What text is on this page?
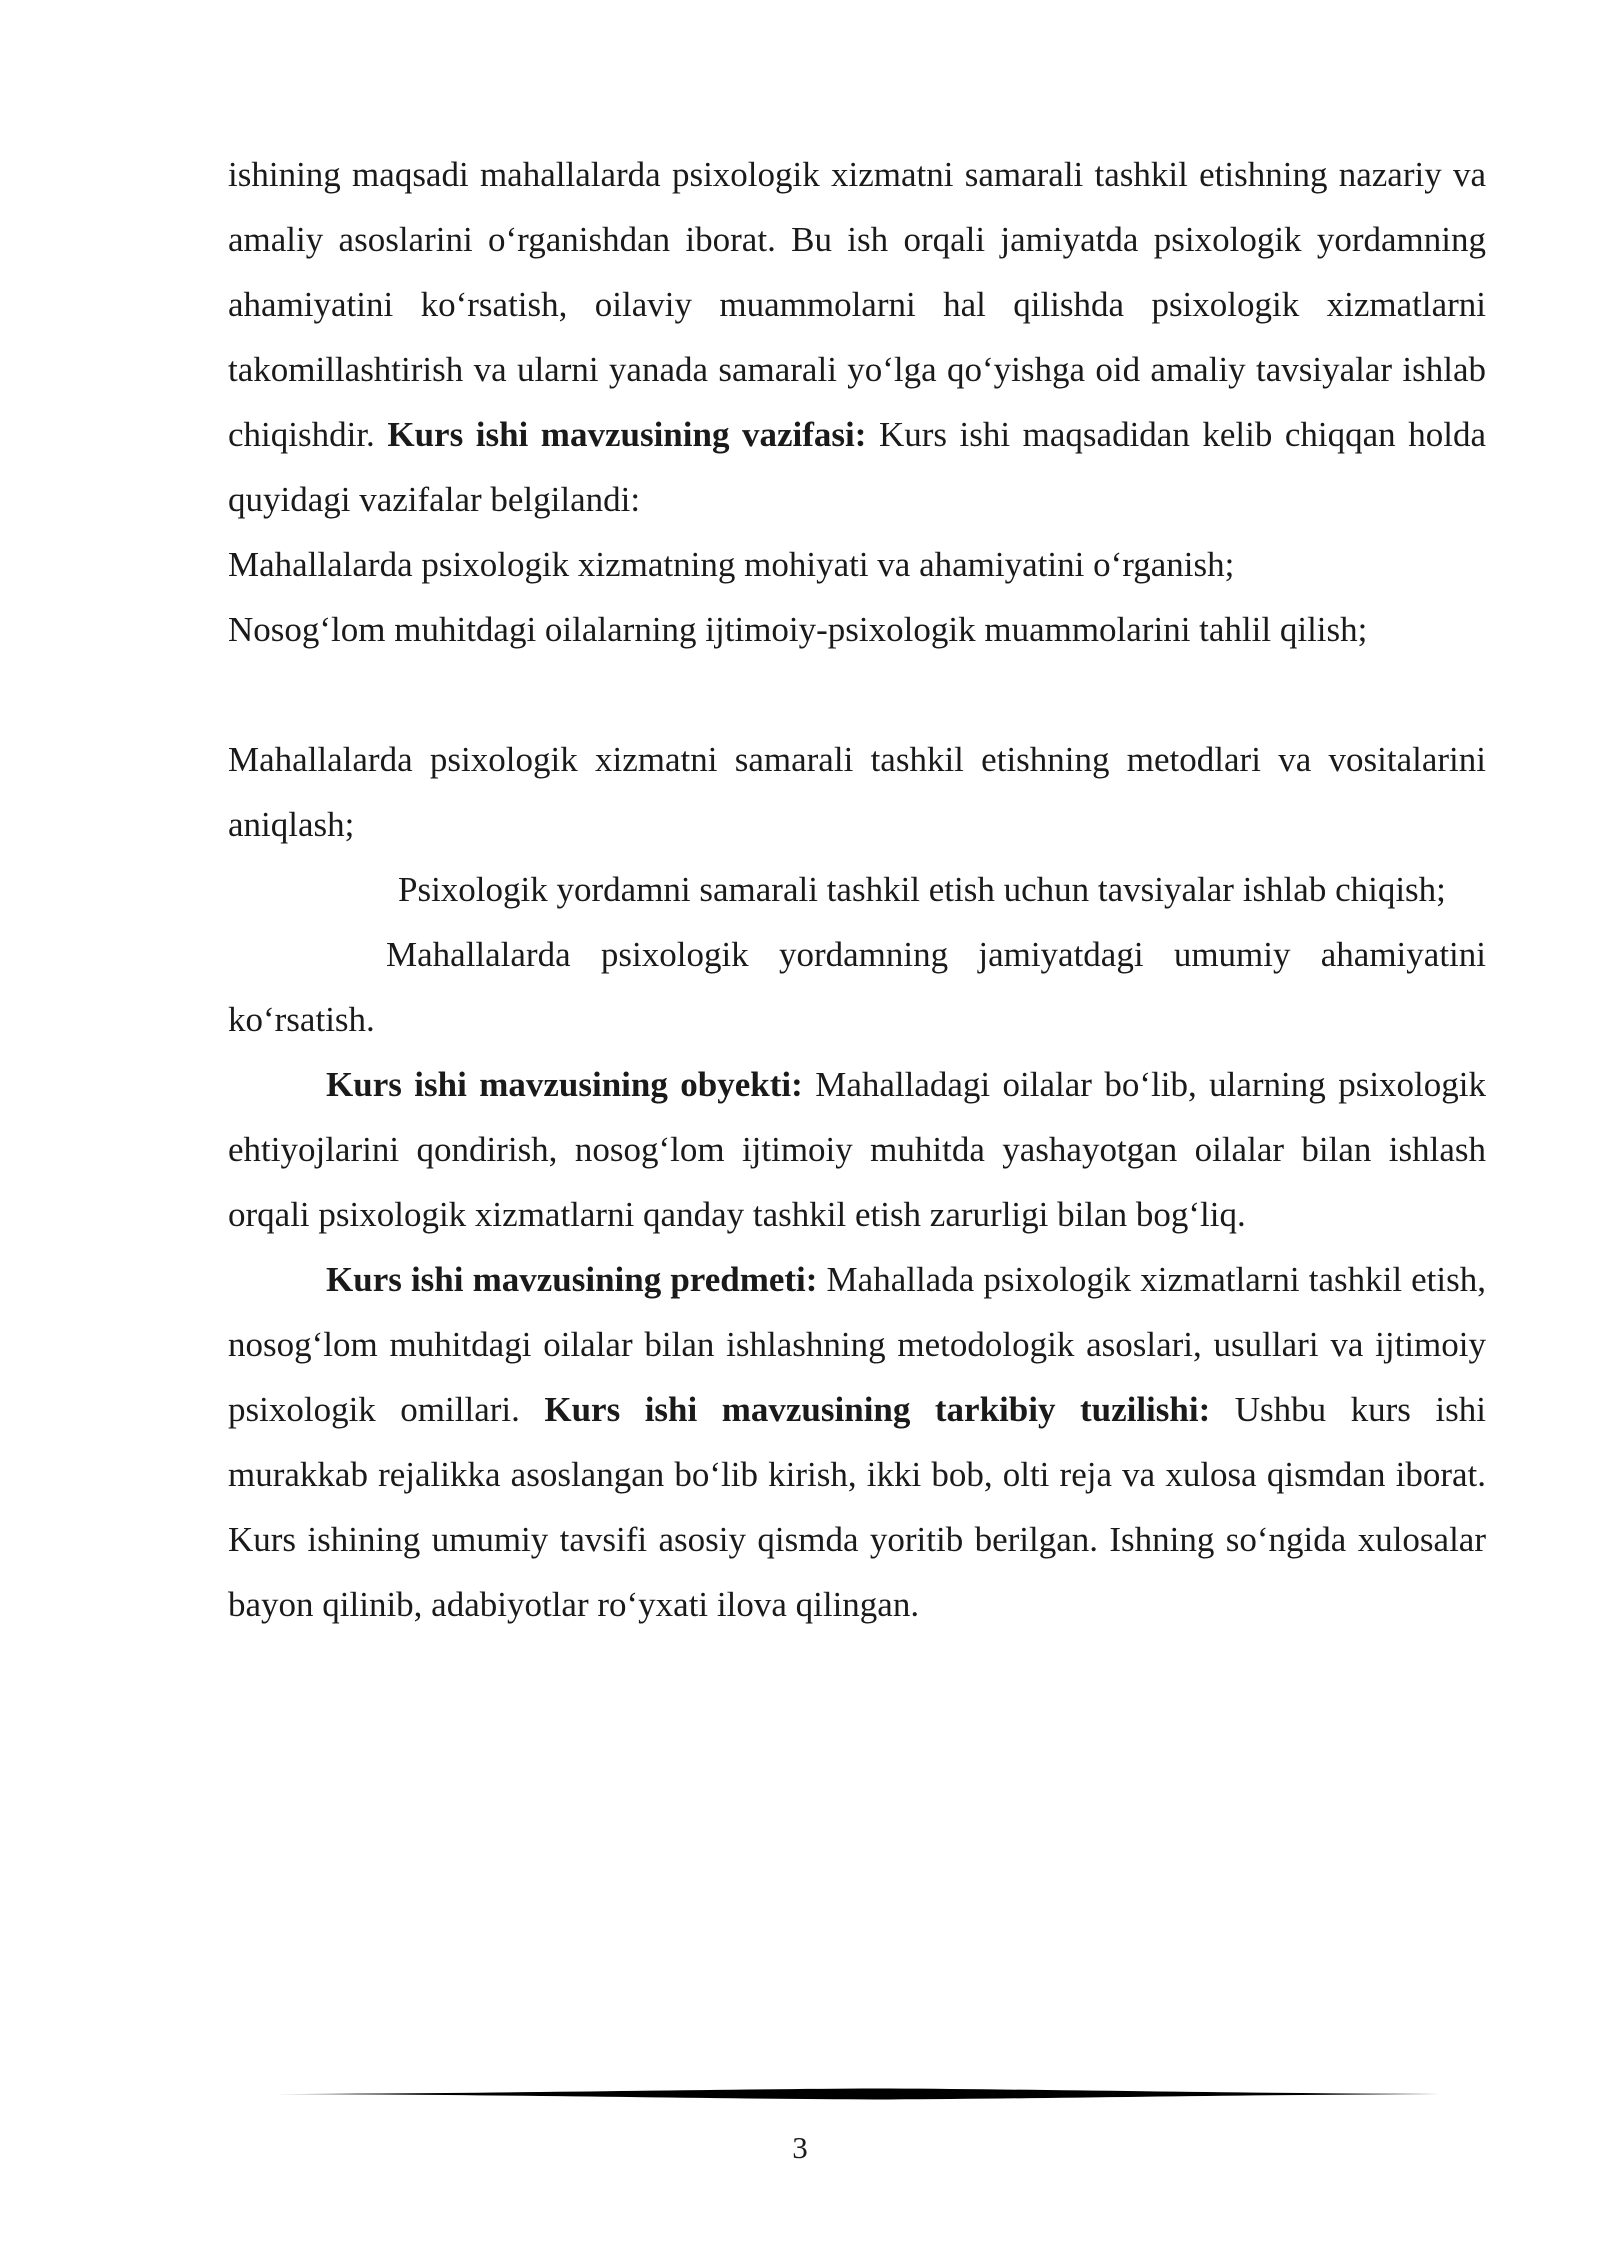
ishining maqsadi mahallalarda psixologik xizmatni samarali tashkil etishning nazariy va amaliy asoslarini o‘rganishdan iborat. Bu ish orqali jamiyatda psixologik yordamning ahamiyatini ko‘rsatish, oilaviy muammolarni hal qilishda psixologik xizmatlarni takomillashtirish va ularni yanada samarali yo‘lga qo‘yishga oid amaliy tavsiyalar ishlab chiqishdir. Kurs ishi mavzusining vazifasi: Kurs ishi maqsadidan kelib chiqqan holda quyidagi vazifalar belgilandi:

Mahallalarda psixologik xizmatning mohiyati va ahamiyatini o‘rganish;

Nosog‘lom muhitdagi oilalarning ijtimoiy-psixologik muammolarini tahlil qilish;

Mahallalarda psixologik xizmatni samarali tashkil etishning metodlari va vositalarini aniqlash;

Psixologik yordamni samarali tashkil etish uchun tavsiyalar ishlab chiqish;

Mahallalarda psixologik yordamning jamiyatdagi umumiy ahamiyatini ko‘rsatish.

Kurs ishi mavzusining obyekti: Mahalladagi oilalar bo‘lib, ularning psixologik ehtiyojlarini qondirish, nosog‘lom ijtimoiy muhitda yashayotgan oilalar bilan ishlash orqali psixologik xizmatlarni qanday tashkil etish zarurligi bilan bog‘liq.

Kurs ishi mavzusining predmeti: Mahallada psixologik xizmatlarni tashkil etish, nosog‘lom muhitdagi oilalar bilan ishlashning metodologik asoslari, usullari va ijtimoiy psixologik omillari. Kurs ishi mavzusining tarkibiy tuzilishi: Ushbu kurs ishi murakkab rejalikka asoslangan bo‘lib kirish, ikki bob, olti reja va xulosa qismdan iborat. Kurs ishining umumiy tavsifi asosiy qismda yoritib berilgan. Ishning so‘ngida xulosalar bayon qilinib, adabiyotlar ro‘yxati ilova qilingan.

3
